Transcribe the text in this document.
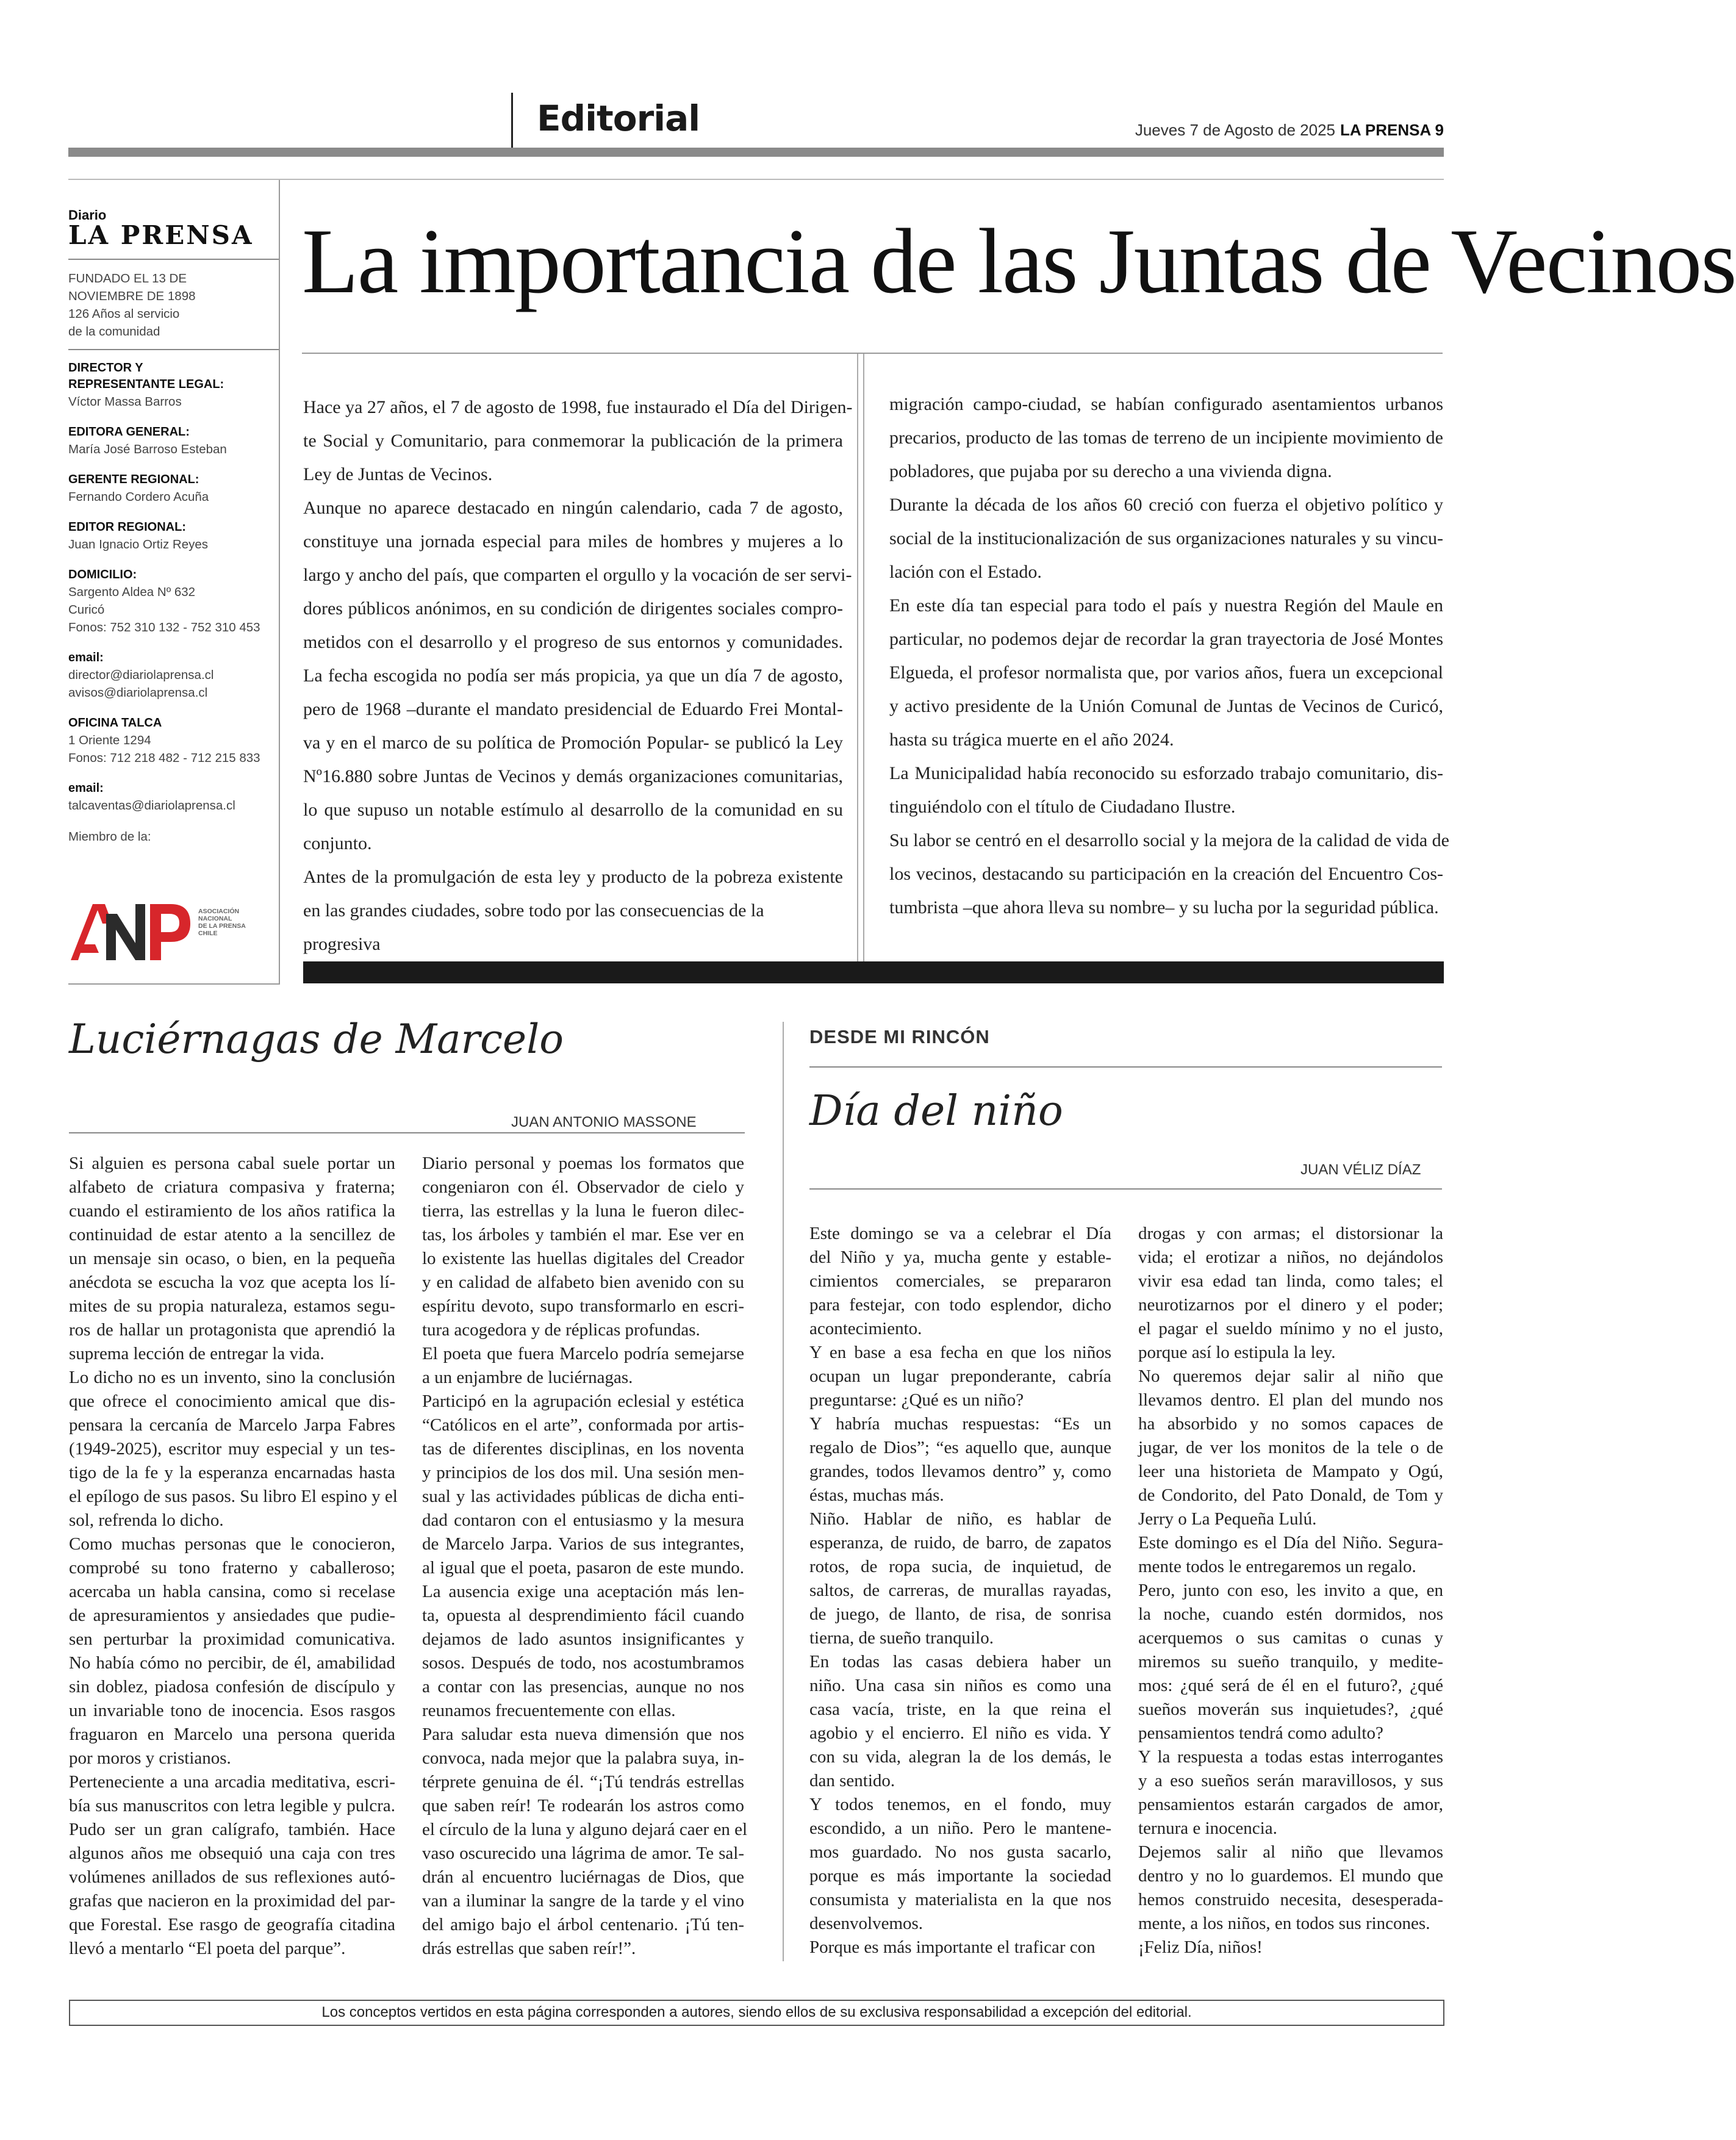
Editorial	Jueves 7 de Agosto de 2025 LA PRENSA 9
Diario
LA PRENSA
FUNDADO EL 13 DE
NOVIEMBRE DE 1898
126 Años al servicio
de la comunidad
DIRECTOR Y
REPRESENTANTE LEGAL:
Víctor Massa Barros
EDITORA GENERAL:
María José Barroso Esteban
GERENTE REGIONAL:
Fernando Cordero Acuña
EDITOR REGIONAL:
Juan Ignacio Ortiz Reyes
DOMICILIO:
Sargento Aldea Nº 632
Curicó
Fonos: 752 310 132 - 752 310 453
email:
director@diariolaprensa.cl
avisos@diariolaprensa.cl
OFICINA TALCA
1 Oriente 1294
Fonos: 712 218 482 - 712 215 833
email:
talcaventas@diariolaprensa.cl
Miembro de la:
ASOCIACIÓN
NACIONAL
DE LA PRENSA
CHILE
La importancia de las Juntas de Vecinos
Hace ya 27 años, el 7 de agosto de 1998, fue instaurado el Día del Dirigen-
te Social y Comunitario, para conmemorar la publicación de la primera
Ley de Juntas de Vecinos.
Aunque no aparece destacado en ningún calendario, cada 7 de agosto,
constituye una jornada especial para miles de hombres y mujeres a lo
largo y ancho del país, que comparten el orgullo y la vocación de ser servi-
dores públicos anónimos, en su condición de dirigentes sociales compro-
metidos con el desarrollo y el progreso de sus entornos y comunidades.
La fecha escogida no podía ser más propicia, ya que un día 7 de agosto,
pero de 1968 –durante el mandato presidencial de Eduardo Frei Montal-
va y en el marco de su política de Promoción Popular- se publicó la Ley
Nº16.880 sobre Juntas de Vecinos y demás organizaciones comunitarias,
lo que supuso un notable estímulo al desarrollo de la comunidad en su
conjunto.
Antes de la promulgación de esta ley y producto de la pobreza existente
en las grandes ciudades, sobre todo por las consecuencias de la progresiva
migración campo-ciudad, se habían configurado asentamientos urbanos
precarios, producto de las tomas de terreno de un incipiente movimiento de
pobladores, que pujaba por su derecho a una vivienda digna.
Durante la década de los años 60 creció con fuerza el objetivo político y
social de la institucionalización de sus organizaciones naturales y su vincu-
lación con el Estado.
En este día tan especial para todo el país y nuestra Región del Maule en
particular, no podemos dejar de recordar la gran trayectoria de José Montes
Elgueda, el profesor normalista que, por varios años, fuera un excepcional
y activo presidente de la Unión Comunal de Juntas de Vecinos de Curicó,
hasta su trágica muerte en el año 2024.
La Municipalidad había reconocido su esforzado trabajo comunitario, dis-
tinguiéndolo con el título de Ciudadano Ilustre.
Su labor se centró en el desarrollo social y la mejora de la calidad de vida de
los vecinos, destacando su participación en la creación del Encuentro Cos-
tumbrista –que ahora lleva su nombre– y su lucha por la seguridad pública.
Luciérnagas de Marcelo
JUAN ANTONIO MASSONE
Si alguien es persona cabal suele portar un
alfabeto de criatura compasiva y fraterna;
cuando el estiramiento de los años ratifica la
continuidad de estar atento a la sencillez de
un mensaje sin ocaso, o bien, en la pequeña
anécdota se escucha la voz que acepta los lí-
mites de su propia naturaleza, estamos segu-
ros de hallar un protagonista que aprendió la
suprema lección de entregar la vida.
Lo dicho no es un invento, sino la conclusión
que ofrece el conocimiento amical que dis-
pensara la cercanía de Marcelo Jarpa Fabres
(1949-2025), escritor muy especial y un tes-
tigo de la fe y la esperanza encarnadas hasta
el epílogo de sus pasos. Su libro El espino y el
sol, refrenda lo dicho.
Como muchas personas que le conocieron,
comprobé su tono fraterno y caballeroso;
acercaba un habla cansina, como si recelase
de apresuramientos y ansiedades que pudie-
sen perturbar la proximidad comunicativa.
No había cómo no percibir, de él, amabilidad
sin doblez, piadosa confesión de discípulo y
un invariable tono de inocencia. Esos rasgos
fraguaron en Marcelo una persona querida
por moros y cristianos.
Perteneciente a una arcadia meditativa, escri-
bía sus manuscritos con letra legible y pulcra.
Pudo ser un gran calígrafo, también. Hace
algunos años me obsequió una caja con tres
volúmenes anillados de sus reflexiones autó-
grafas que nacieron en la proximidad del par-
que Forestal. Ese rasgo de geografía citadina
llevó a mentarlo “El poeta del parque”.
Diario personal y poemas los formatos que
congeniaron con él. Observador de cielo y
tierra, las estrellas y la luna le fueron dilec-
tas, los árboles y también el mar. Ese ver en
lo existente las huellas digitales del Creador
y en calidad de alfabeto bien avenido con su
espíritu devoto, supo transformarlo en escri-
tura acogedora y de réplicas profundas.
El poeta que fuera Marcelo podría semejarse
a un enjambre de luciérnagas.
Participó en la agrupación eclesial y estética
“Católicos en el arte”, conformada por artis-
tas de diferentes disciplinas, en los noventa
y principios de los dos mil. Una sesión men-
sual y las actividades públicas de dicha enti-
dad contaron con el entusiasmo y la mesura
de Marcelo Jarpa. Varios de sus integrantes,
al igual que el poeta, pasaron de este mundo.
La ausencia exige una aceptación más len-
ta, opuesta al desprendimiento fácil cuando
dejamos de lado asuntos insignificantes y
sosos. Después de todo, nos acostumbramos
a contar con las presencias, aunque no nos
reunamos frecuentemente con ellas.
Para saludar esta nueva dimensión que nos
convoca, nada mejor que la palabra suya, in-
térprete genuina de él. “¡Tú tendrás estrellas
que saben reír! Te rodearán los astros como
el círculo de la luna y alguno dejará caer en el
vaso oscurecido una lágrima de amor. Te sal-
drán al encuentro luciérnagas de Dios, que
van a iluminar la sangre de la tarde y el vino
del amigo bajo el árbol centenario. ¡Tú ten-
drás estrellas que saben reír!”.
DESDE MI RINCÓN
Día del niño
JUAN VÉLIZ DÍAZ
Este domingo se va a celebrar el Día
del Niño y ya, mucha gente y estable-
cimientos comerciales, se prepararon
para festejar, con todo esplendor, dicho
acontecimiento.
Y en base a esa fecha en que los niños
ocupan un lugar preponderante, cabría
preguntarse: ¿Qué es un niño?
Y habría muchas respuestas: “Es un
regalo de Dios”; “es aquello que, aunque
grandes, todos llevamos dentro” y, como
éstas, muchas más.
Niño. Hablar de niño, es hablar de
esperanza, de ruido, de barro, de zapatos
rotos, de ropa sucia, de inquietud, de
saltos, de carreras, de murallas rayadas,
de juego, de llanto, de risa, de sonrisa
tierna, de sueño tranquilo.
En todas las casas debiera haber un
niño. Una casa sin niños es como una
casa vacía, triste, en la que reina el
agobio y el encierro. El niño es vida. Y
con su vida, alegran la de los demás, le
dan sentido.
Y todos tenemos, en el fondo, muy
escondido, a un niño. Pero le mantene-
mos guardado. No nos gusta sacarlo,
porque es más importante la sociedad
consumista y materialista en la que nos
desenvolvemos.
Porque es más importante el traficar con
drogas y con armas; el distorsionar la
vida; el erotizar a niños, no dejándolos
vivir esa edad tan linda, como tales; el
neurotizarnos por el dinero y el poder;
el pagar el sueldo mínimo y no el justo,
porque así lo estipula la ley.
No queremos dejar salir al niño que
llevamos dentro. El plan del mundo nos
ha absorbido y no somos capaces de
jugar, de ver los monitos de la tele o de
leer una historieta de Mampato y Ogú,
de Condorito, del Pato Donald, de Tom y
Jerry o La Pequeña Lulú.
Este domingo es el Día del Niño. Segura-
mente todos le entregaremos un regalo.
Pero, junto con eso, les invito a que, en
la noche, cuando estén dormidos, nos
acerquemos o sus camitas o cunas y
miremos su sueño tranquilo, y medite-
mos: ¿qué será de él en el futuro?, ¿qué
sueños moverán sus inquietudes?, ¿qué
pensamientos tendrá como adulto?
Y la respuesta a todas estas interrogantes
y a eso sueños serán maravillosos, y sus
pensamientos estarán cargados de amor,
ternura e inocencia.
Dejemos salir al niño que llevamos
dentro y no lo guardemos. El mundo que
hemos construido necesita, desesperada-
mente, a los niños, en todos sus rincones.
¡Feliz Día, niños!
Los conceptos vertidos en esta página corresponden a autores, siendo ellos de su exclusiva responsabilidad a excepción del editorial.
